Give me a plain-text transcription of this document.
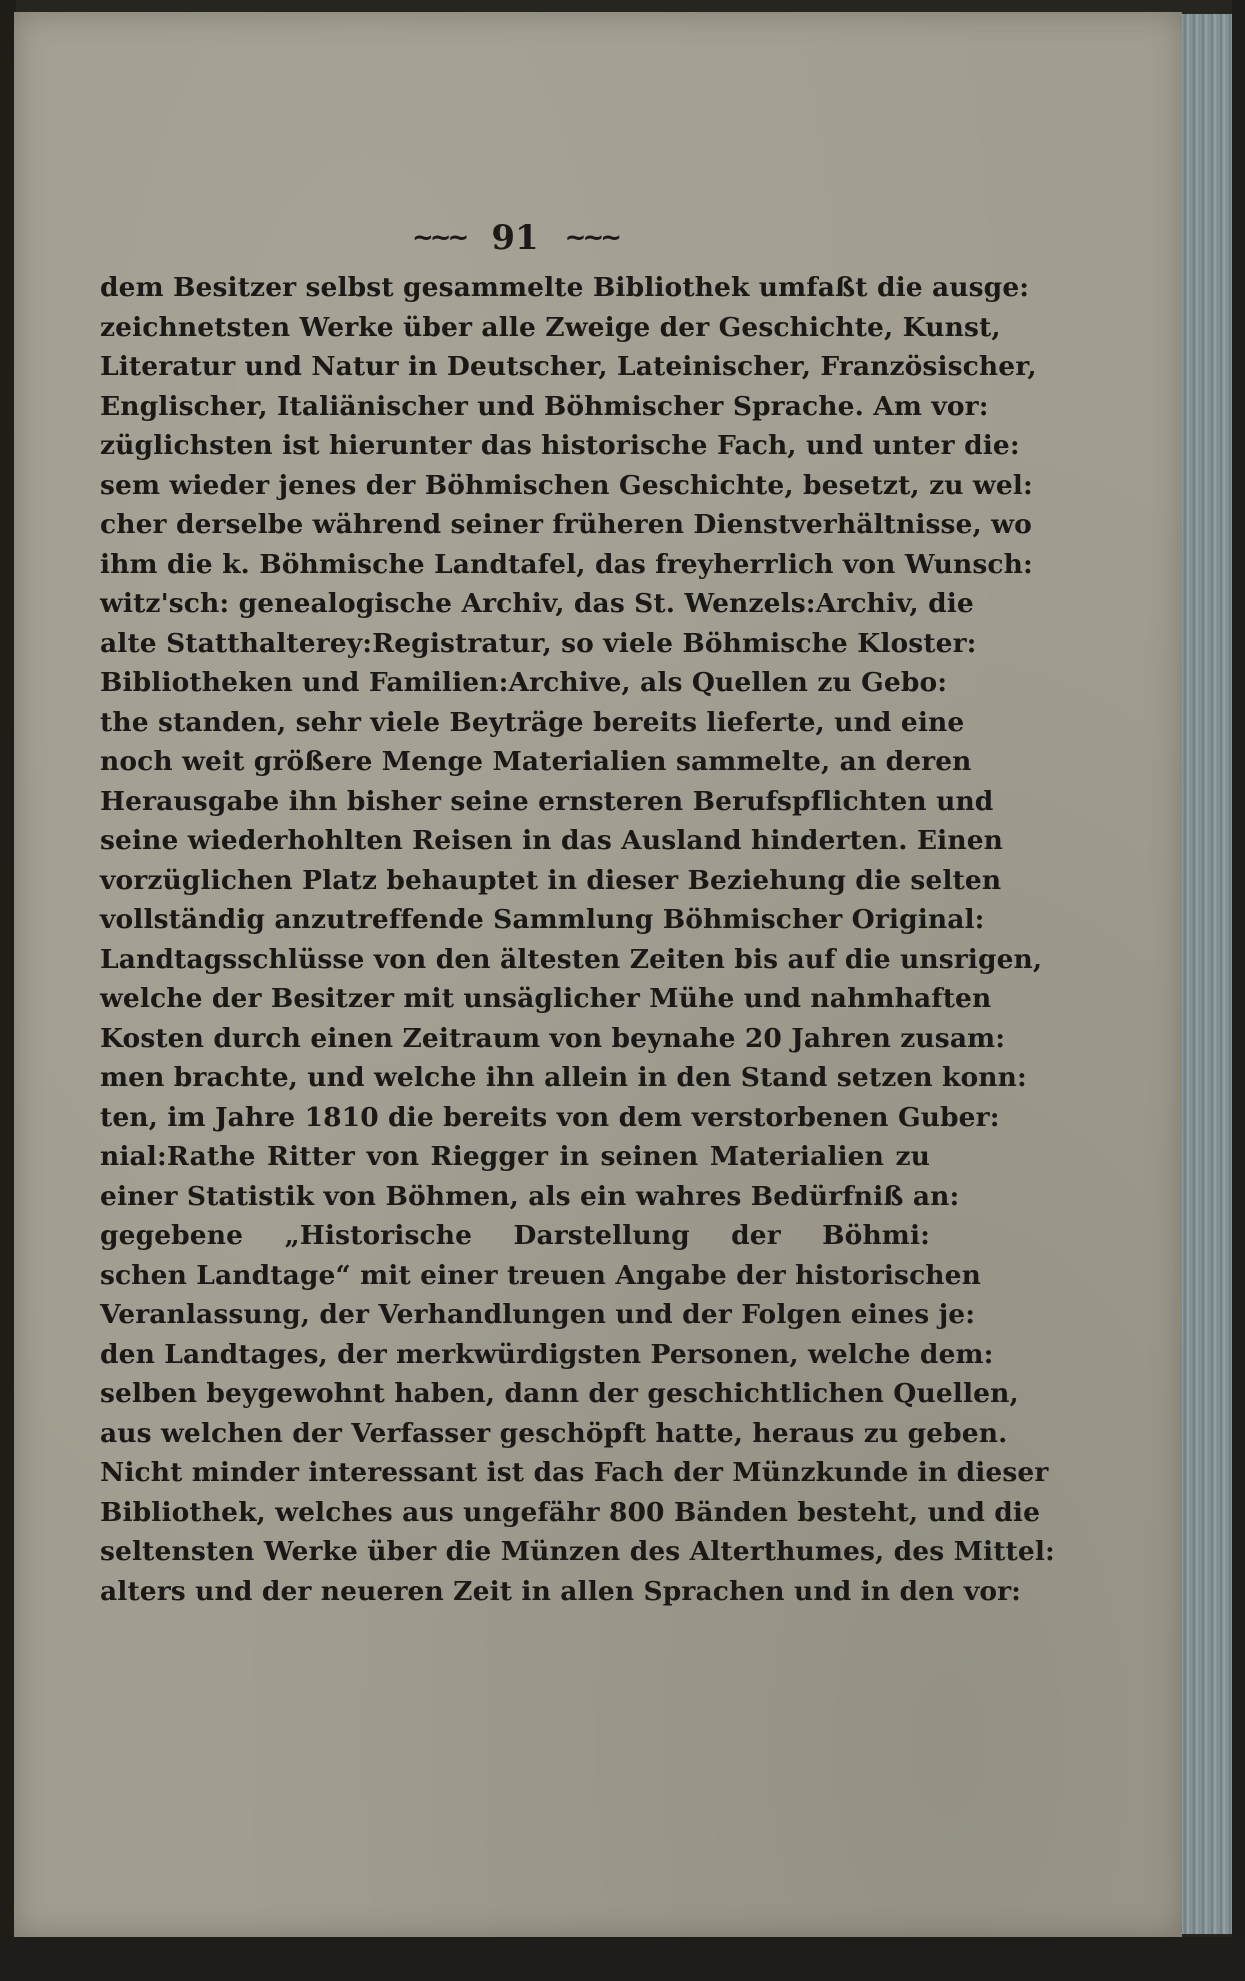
~~~ 91 ~~~
dem Besitzer selbst gesammelte Bibliothek umfaßt die ausge:
zeichnetsten Werke über alle Zweige der Geschichte, Kunst,
Literatur und Natur in Deutscher, Lateinischer, Französischer,
Englischer, Italiänischer und Böhmischer Sprache. Am vor:
züglichsten ist hierunter das historische Fach, und unter die:
sem wieder jenes der Böhmischen Geschichte, besetzt, zu wel:
cher derselbe während seiner früheren Dienstverhältnisse, wo
ihm die k. Böhmische Landtafel, das freyherrlich von Wunsch:
witz'sch: genealogische Archiv, das St. Wenzels:Archiv, die
alte Statthalterey:Registratur, so viele Böhmische Kloster:
Bibliotheken und Familien:Archive, als Quellen zu Gebo:
the standen, sehr viele Beyträge bereits lieferte, und eine
noch weit größere Menge Materialien sammelte, an deren
Herausgabe ihn bisher seine ernsteren Berufspflichten und
seine wiederhohlten Reisen in das Ausland hinderten. Einen
vorzüglichen Platz behauptet in dieser Beziehung die selten
vollständig anzutreffende Sammlung Böhmischer Original:
Landtagsschlüsse von den ältesten Zeiten bis auf die unsrigen,
welche der Besitzer mit unsäglicher Mühe und nahmhaften
Kosten durch einen Zeitraum von beynahe 20 Jahren zusam:
men brachte, und welche ihn allein in den Stand setzen konn:
ten, im Jahre 1810 die bereits von dem verstorbenen Guber:
nial:Rathe Ritter von Riegger in seinen Materialien zu
einer Statistik von Böhmen, als ein wahres Bedürfniß an:
gegebene „Historische Darstellung der Böhmi:
schen Landtage“ mit einer treuen Angabe der historischen
Veranlassung, der Verhandlungen und der Folgen eines je:
den Landtages, der merkwürdigsten Personen, welche dem:
selben beygewohnt haben, dann der geschichtlichen Quellen,
aus welchen der Verfasser geschöpft hatte, heraus zu geben.
Nicht minder interessant ist das Fach der Münzkunde in dieser
Bibliothek, welches aus ungefähr 800 Bänden besteht, und die
seltensten Werke über die Münzen des Alterthumes, des Mittel:
alters und der neueren Zeit in allen Sprachen und in den vor:
